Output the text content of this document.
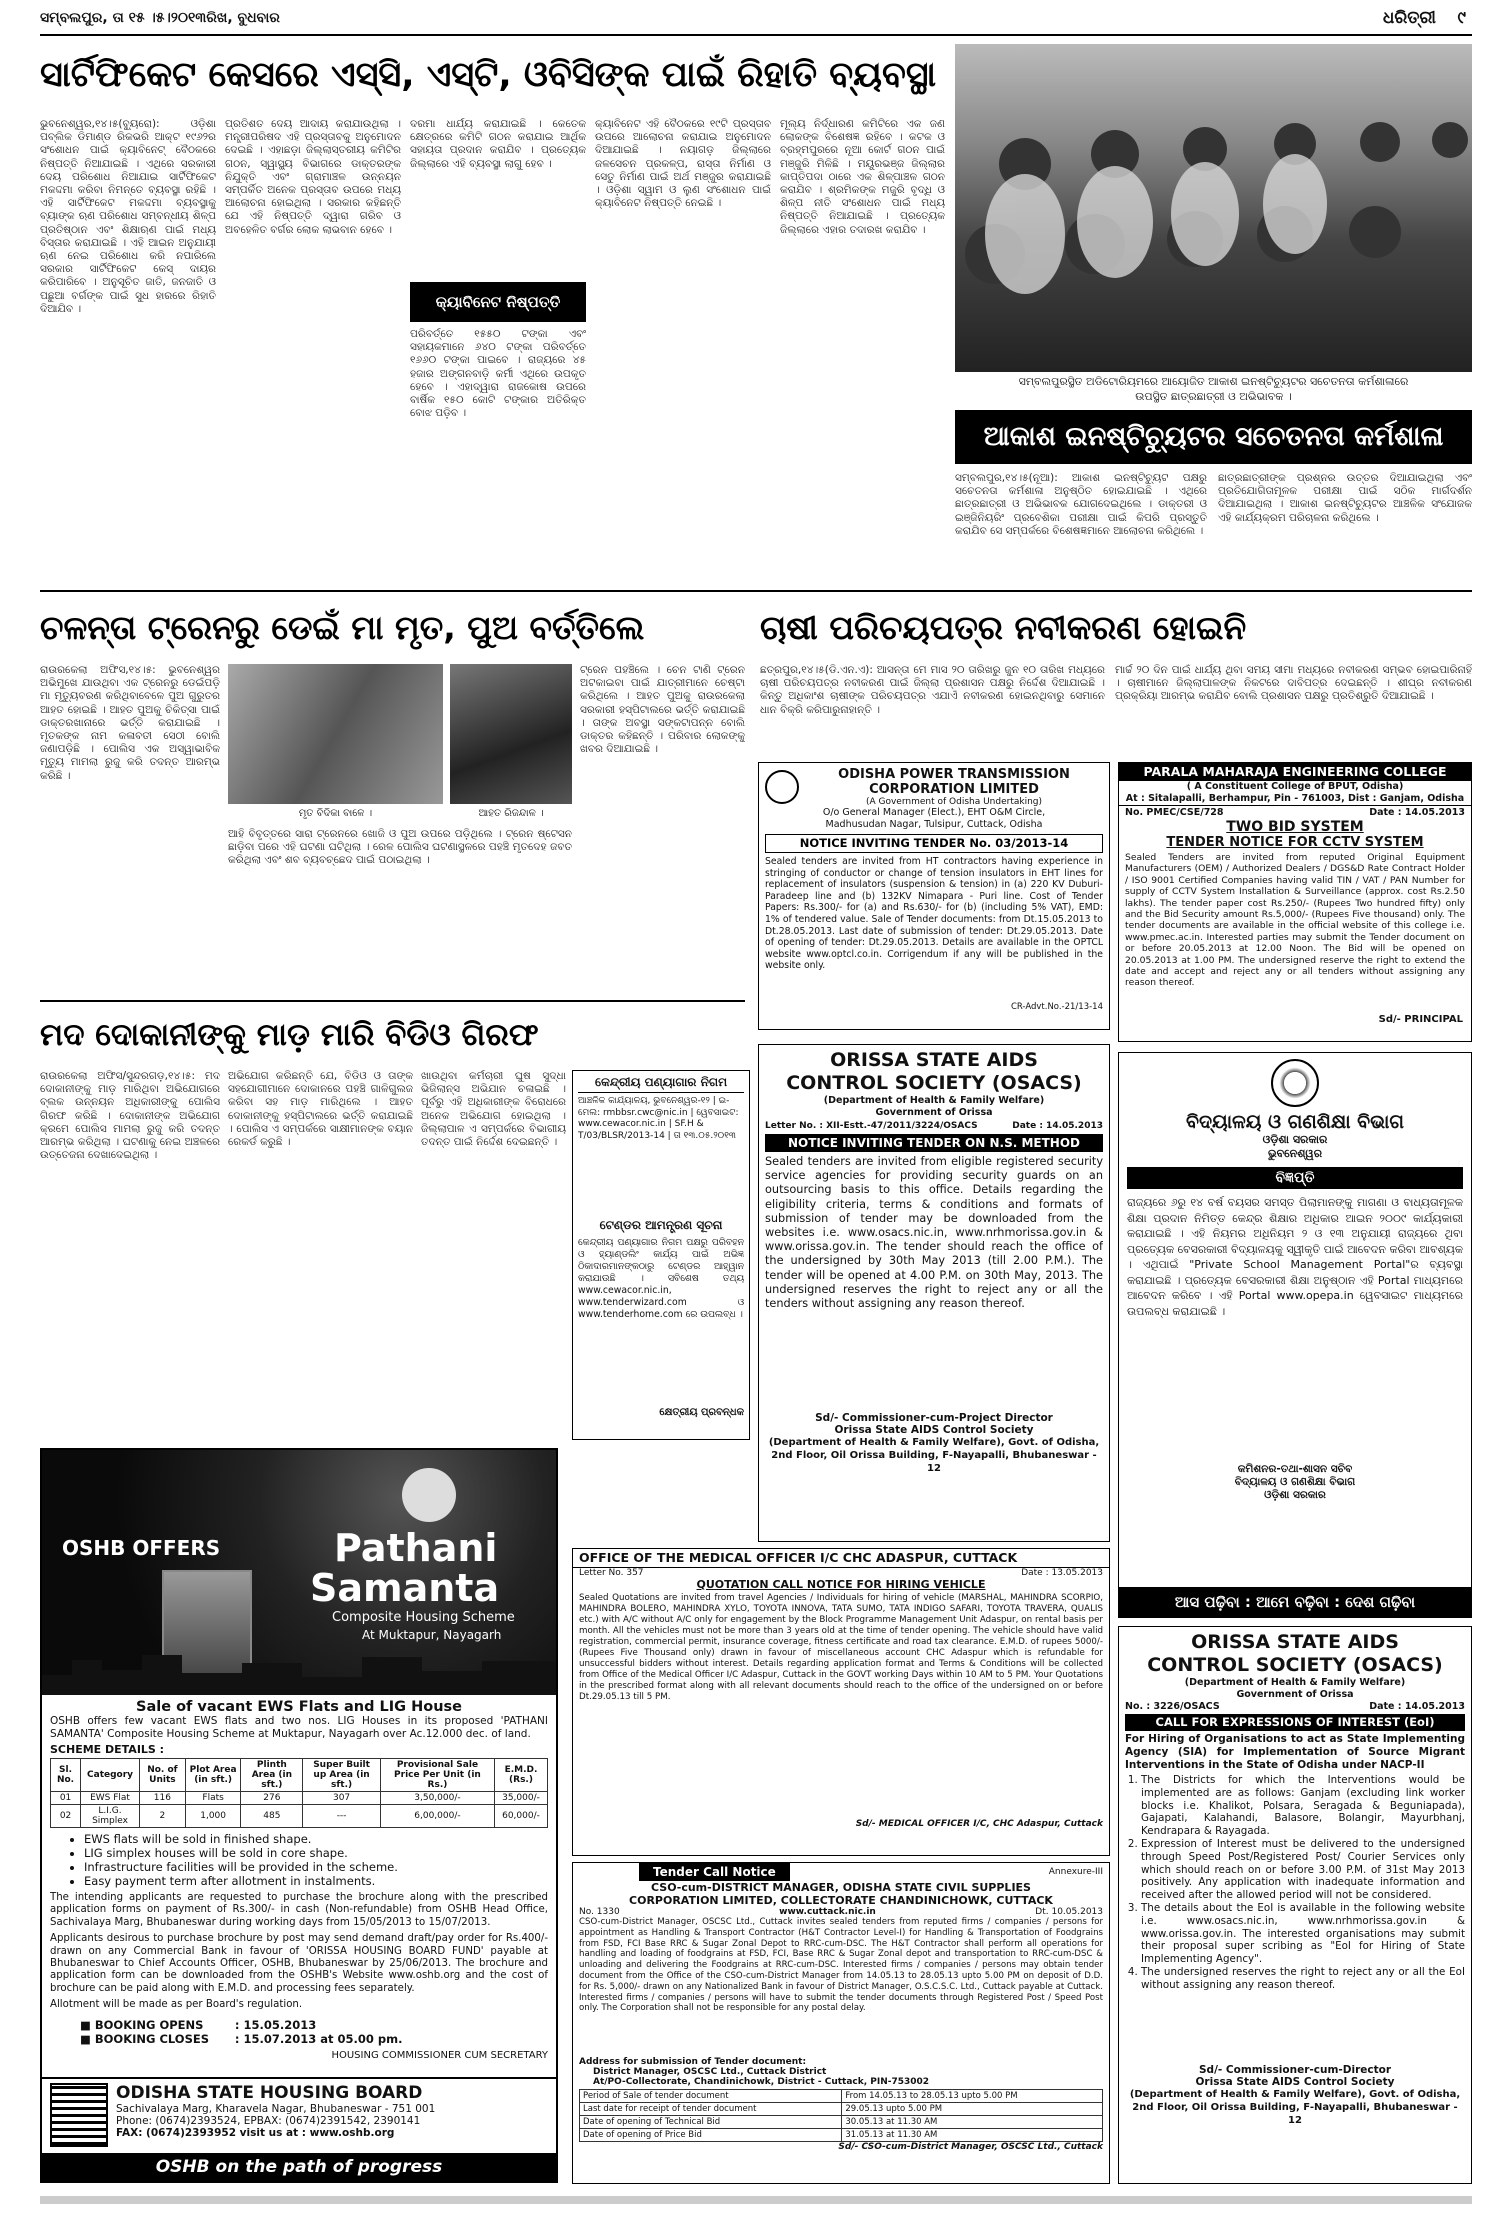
ସମ୍ବଲପୁର, ତା ୧୫ ।୫।୨୦୧୩ରିଖ, ବୁଧବାର	ଧରିତ୍ରୀ ୯
ସାର୍ଟିଫିକେଟ କେସରେ ଏସ୍‌ସି, ଏସ୍‌ଟି, ଓବିସିଙ୍କ ପାଇଁ ରିହାତି ବ୍ୟବସ୍ଥା
ଭୁବନେଶ୍ୱର,୧୪।୫(ବ୍ୟୁରୋ): ଓଡ଼ିଶା ପବ୍ଲିକ ଡିମାଣ୍ଡ ରିକଭରି ଆକ୍ଟ ୧୯୬୨ର ସଂଶୋଧନ ପାଇଁ କ୍ୟାବିନେଟ୍ ବୈଠକରେ ନିଷ୍ପତ୍ତି ନିଆଯାଇଛି । ଏଥିରେ ସରକାରୀ ଦେୟ ପରିଶୋଧ ନିଆଯାଇ ସାର୍ଟିଫିକେଟ ମକଦ୍ଦମା କରିବା ନିମନ୍ତେ ବ୍ୟବସ୍ଥା ରହିଛି । ଏହି ସାର୍ଟିଫିକେଟ ମକଦ୍ଦମା ବ୍ୟବସ୍ଥାକୁ ବ୍ୟାଙ୍କ ଋଣ ପରିଶୋଧ ସମ୍ବନ୍ଧୀୟ ଶିଳ୍ପ ପ୍ରତିଷ୍ଠାନ ଏବଂ ଶିକ୍ଷାଋଣ ପାଇଁ ମଧ୍ୟ ବିସ୍ତାର କରାଯାଇଛି । ଏହି ଆଇନ ଅନୁଯାୟୀ ଋଣ ନେଇ ପରିଶୋଧ କରି ନପାରିଲେ ସରକାର ସାର୍ଟିଫିକେଟ କେସ୍ ଦାୟର କରିପାରିବେ । ଅନୁସୂଚିତ ଜାତି, ଜନଜାତି ଓ ପଛୁଆ ବର୍ଗଙ୍କ ପାଇଁ ସୁଧ ହାରରେ ରିହାତି ଦିଆଯିବ ।
ପ୍ରତିଶତ ଦେୟ ଆଦାୟ କରାଯାଉଥିଲା । ମନ୍ତ୍ରୀପରିଷଦ ଏହି ପ୍ରସ୍ତାବକୁ ଅନୁମୋଦନ ଦେଇଛି । ଏହାଛଡ଼ା ଜିଲ୍ଲାସ୍ତରୀୟ କମିଟିର ଗଠନ, ସ୍ୱାସ୍ଥ୍ୟ ବିଭାଗରେ ଡାକ୍ତରଙ୍କ ନିଯୁକ୍ତି ଏବଂ ଗ୍ରାମାଞ୍ଚଳ ଉନ୍ନୟନ ସମ୍ପର୍କିତ ଅନେକ ପ୍ରସ୍ତାବ ଉପରେ ମଧ୍ୟ ଆଲୋଚନା ହୋଇଥିଲା । ସରକାର କହିଛନ୍ତି ଯେ ଏହି ନିଷ୍ପତ୍ତି ଦ୍ୱାରା ଗରିବ ଓ ଅବହେଳିତ ବର୍ଗର ଲୋକ ଲାଭବାନ ହେବେ ।
ଦରମା ଧାର୍ଯ୍ୟ କରାଯାଇଛି । କେତେକ କ୍ଷେତ୍ରରେ କମିଟି ଗଠନ କରାଯାଇ ଆର୍ଥିକ ସହାୟତା ପ୍ରଦାନ କରାଯିବ । ପ୍ରତ୍ୟେକ ଜିଲ୍ଲାରେ ଏହି ବ୍ୟବସ୍ଥା ଲାଗୁ ହେବ ।
କ୍ୟାବିନେଟ ନିଷ୍ପତ୍ତି
ପରିବର୍ତ୍ତେ ୧୫୫୦ ଟଙ୍କା ଏବଂ ସହାୟକମାନେ ୬୪୦ ଟଙ୍କା ପରିବର୍ତ୍ତେ ୧୬୬୦ ଟଙ୍କା ପାଇବେ । ରାଜ୍ୟରେ ୪୫ ହଜାର ଅଙ୍ଗନବାଡ଼ି କର୍ମୀ ଏଥିରେ ଉପକୃତ ହେବେ । ଏହାଦ୍ୱାରା ରାଜକୋଷ ଉପରେ ବାର୍ଷିକ ୧୫୦ କୋଟି ଟଙ୍କାର ଅତିରିକ୍ତ ବୋଝ ପଡ଼ିବ ।
କ୍ୟାବିନେଟ ଏହି ବୈଠକରେ ୧୯ଟି ପ୍ରସ୍ତାବ ଉପରେ ଆଲୋଚନା କରାଯାଇ ଅନୁମୋଦନ ଦିଆଯାଇଛି । ନୟାଗଡ଼ ଜିଲ୍ଲାରେ ଜଳସେଚନ ପ୍ରକଳ୍ପ, ରାସ୍ତା ନିର୍ମାଣ ଓ ସେତୁ ନିର୍ମାଣ ପାଇଁ ଅର୍ଥ ମଞ୍ଜୁର କରାଯାଇଛି । ଓଡ଼ିଶା ସ୍ୱାମ ଓ ଲୁଣ ସଂଶୋଧନ ପାଇଁ କ୍ୟାବିନେଟ ନିଷ୍ପତ୍ତି ନେଇଛି ।
ମୂଲ୍ୟ ନିର୍ଦ୍ଧାରଣ କମିଟିରେ ଏକ ଜଣ ଲୋକଙ୍କ ବିଶେଷଜ୍ଞ ରହିବେ । କଟକ ଓ ବ୍ରହ୍ମପୁରରେ ନୂଆ କୋର୍ଟ ଗଠନ ପାଇଁ ମଞ୍ଜୁରି ମିଳିଛି । ମୟୂରଭଞ୍ଜ ଜିଲ୍ଲାର କାପ୍ତିପଦା ଠାରେ ଏକ ଶିଳ୍ପାଞ୍ଚଳ ଗଠନ କରାଯିବ । ଶ୍ରମିକଙ୍କ ମଜୁରି ବୃଦ୍ଧି ଓ ଶିଳ୍ପ ନୀତି ସଂଶୋଧନ ପାଇଁ ମଧ୍ୟ ନିଷ୍ପତ୍ତି ନିଆଯାଇଛି । ପ୍ରତ୍ୟେକ ଜିଲ୍ଲାରେ ଏହାର ତଦାରଖ କରାଯିବ ।
ସମ୍ବଲପୁରସ୍ଥିତ ଅଡିଟୋରିୟମରେ ଆୟୋଜିତ ଆକାଶ ଇନଷ୍ଟିଚ୍ୟୁଟର ସଚେତନତା କର୍ମଶାଳାରେ
ଉପସ୍ଥିତ ଛାତ୍ରଛାତ୍ରୀ ଓ ଅଭିଭାବକ ।
ଆକାଶ ଇନଷ୍ଟିଚ୍ୟୁଟର ସଚେତନତା କର୍ମଶାଳା
ସମ୍ବଲପୁର,୧୪।୫(ନୂଆ): ଆକାଶ ଇନଷ୍ଟିଚ୍ୟୁଟ ପକ୍ଷରୁ ସଚେତନତା କର୍ମଶାଳା ଅନୁଷ୍ଠିତ ହୋଇଯାଇଛି । ଏଥିରେ ଛାତ୍ରଛାତ୍ରୀ ଓ ଅଭିଭାବକ ଯୋଗଦେଇଥିଲେ । ଡାକ୍ତରୀ ଓ ଇଞ୍ଜିନିୟରିଂ ପ୍ରବେଶିକା ପରୀକ୍ଷା ପାଇଁ କିପରି ପ୍ରସ୍ତୁତି କରାଯିବ ସେ ସମ୍ପର୍କରେ ବିଶେଷଜ୍ଞମାନେ ଆଲୋଚନା କରିଥିଲେ ।
ଛାତ୍ରଛାତ୍ରୀଙ୍କ ପ୍ରଶ୍ନର ଉତ୍ତର ଦିଆଯାଇଥିଲା ଏବଂ ପ୍ରତିଯୋଗିତାମୂଳକ ପରୀକ୍ଷା ପାଇଁ ସଠିକ ମାର୍ଗଦର୍ଶନ ଦିଆଯାଇଥିଲା । ଆକାଶ ଇନଷ୍ଟିଚ୍ୟୁଟର ଆଞ୍ଚଳିକ ସଂଯୋଜକ ଏହି କାର୍ଯ୍ୟକ୍ରମ ପରିଚାଳନା କରିଥିଲେ ।
ଚଳନ୍ତା ଟ୍ରେନରୁ ଡେଇଁ ମା ମୃତ, ପୁଅ ବର୍ତ୍ତିଲେ
ରାଉରକେଲା ଅଫିସ,୧୪।୫: ଭୁବନେଶ୍ୱର ଅଭିମୁଖେ ଯାଉଥିବା ଏକ ଟ୍ରେନରୁ ଡେଇଁପଡ଼ି ମା ମୃତ୍ୟୁବରଣ କରିଥିବାବେଳେ ପୁଅ ଗୁରୁତର ଆହତ ହୋଇଛି । ଆହତ ପୁଅକୁ ଚିକିତ୍ସା ପାଇଁ ଡାକ୍ତରଖାନାରେ ଭର୍ତ୍ତି କରାଯାଇଛି । ମୃତକଙ୍କ ନାମ କଳାବତୀ ସେଠୀ ବୋଲି ଜଣାପଡ଼ିଛି । ପୋଲିସ ଏକ ଅସ୍ୱାଭାବିକ ମୃତ୍ୟୁ ମାମଲା ରୁଜୁ କରି ତଦନ୍ତ ଆରମ୍ଭ କରିଛି ।
ମୃତ ବିଦିକା ବାଳେ ।	ଆହତ ରିଜନ୍ଦାଳ ।
ଆହି ବିବୃତ୍ତରେ ସାରା ଟ୍ରେନରେ ଖୋଜି ଓ ପୁଅ ଉପରେ ପଡ଼ିଥିଲେ । ଟ୍ରେନ ଷ୍ଟେସନ ଛାଡ଼ିବା ପରେ ଏହି ଘଟଣା ଘଟିଥିଲା । ରେଳ ପୋଲିସ ଘଟଣାସ୍ଥଳରେ ପହଞ୍ଚି ମୃତଦେହ ଜବତ କରିଥିଲା ଏବଂ ଶବ ବ୍ୟବଚ୍ଛେଦ ପାଇଁ ପଠାଇଥିଲା ।
ଟ୍ରେନ ପହଞ୍ଚିଲେ । ଚେନ ଟାଣି ଟ୍ରେନ ଅଟକାଇବା ପାଇଁ ଯାତ୍ରୀମାନେ ଚେଷ୍ଟା କରିଥିଲେ । ଆହତ ପୁଅକୁ ରାଉରକେଲା ସରକାରୀ ହସ୍ପିଟାଲରେ ଭର୍ତ୍ତି କରାଯାଇଛି । ତାଙ୍କ ଅବସ୍ଥା ସଙ୍କଟାପନ୍ନ ବୋଲି ଡାକ୍ତର କହିଛନ୍ତି । ପରିବାର ଲୋକଙ୍କୁ ଖବର ଦିଆଯାଇଛି ।
ଚାଷୀ ପରିଚୟପତ୍ର ନବୀକରଣ ହୋଇନି
ଛତ୍ରପୁର,୧୪।୫(ଡି.ଏନ.ଏ): ଆସନ୍ତା ମେ ମାସ ୨୦ ତାରିଖରୁ ଜୁନ ୧୦ ତାରିଖ ମଧ୍ୟରେ ଚାଷୀ ପରିଚୟପତ୍ର ନବୀକରଣ ପାଇଁ ଜିଲ୍ଲା ପ୍ରଶାସନ ପକ୍ଷରୁ ନିର୍ଦ୍ଦେଶ ଦିଆଯାଇଛି । କିନ୍ତୁ ଅଧିକାଂଶ ଚାଷୀଙ୍କ ପରିଚୟପତ୍ର ଏଯାଏଁ ନବୀକରଣ ହୋଇନଥିବାରୁ ସେମାନେ ଧାନ ବିକ୍ରି କରିପାରୁନାହାନ୍ତି ।
ମାର୍ଚ୍ଚ ୨୦ ଦିନ ପାଇଁ ଧାର୍ଯ୍ୟ ଥିବା ସମୟ ସୀମା ମଧ୍ୟରେ ନବୀକରଣ ସମ୍ଭବ ହୋଇପାରିନାହିଁ । ଚାଷୀମାନେ ଜିଲ୍ଲାପାଳଙ୍କ ନିକଟରେ ଦାବିପତ୍ର ଦେଇଛନ୍ତି । ଶୀଘ୍ର ନବୀକରଣ ପ୍ରକ୍ରିୟା ଆରମ୍ଭ କରାଯିବ ବୋଲି ପ୍ରଶାସନ ପକ୍ଷରୁ ପ୍ରତିଶ୍ରୁତି ଦିଆଯାଇଛି ।
ODISHA POWER TRANSMISSION
CORPORATION LIMITED
(A Government of Odisha Undertaking)
O/o General Manager (Elect.), EHT O&M Circle,
Madhusudan Nagar, Tulsipur, Cuttack, Odisha
NOTICE INVITING TENDER No. 03/2013-14
Sealed tenders are invited from HT contractors having experience in stringing of conductor or change of tension insulators in EHT lines for replacement of insulators (suspension & tension) in (a) 220 KV Duburi-Paradeep line and (b) 132KV Nimapara - Puri line. Cost of Tender Papers: Rs.300/- for (a) and Rs.630/- for (b) (including 5% VAT), EMD: 1% of tendered value. Sale of Tender documents: from Dt.15.05.2013 to Dt.28.05.2013. Last date of submission of tender: Dt.29.05.2013. Date of opening of tender: Dt.29.05.2013. Details are available in the OPTCL website www.optcl.co.in. Corrigendum if any will be published in the website only.
CR-Advt.No.-21/13-14
PARALA MAHARAJA ENGINEERING COLLEGE
( A Constituent College of BPUT, Odisha)
At : Sitalapalli, Berhampur, Pin - 761003, Dist : Ganjam, Odisha
No. PMEC/CSE/728	Date : 14.05.2013
TWO BID SYSTEM
TENDER NOTICE FOR CCTV SYSTEM
Sealed Tenders are invited from reputed Original Equipment Manufacturers (OEM) / Authorized Dealers / DGS&D Rate Contract Holder / ISO 9001 Certified Companies having valid TIN / VAT / PAN Number for supply of CCTV System Installation & Surveillance (approx. cost Rs.2.50 lakhs). The tender paper cost Rs.250/- (Rupees Two hundred fifty) only and the Bid Security amount Rs.5,000/- (Rupees Five thousand) only. The tender documents are available in the official website of this college i.e. www.pmec.ac.in. Interested parties may submit the Tender document on or before 20.05.2013 at 12.00 Noon. The Bid will be opened on 20.05.2013 at 1.00 PM. The undersigned reserve the right to extend the date and accept and reject any or all tenders without assigning any reason thereof.
Sd/- PRINCIPAL
ମଦ ଦୋକାନୀଙ୍କୁ ମାଡ଼ ମାରି ବିଡିଓ ଗିରଫ
ରାଉରକେଲା ଅଫିସ/ସୁନ୍ଦରଗଡ଼,୧୪।୫: ମଦ ଦୋକାନୀଙ୍କୁ ମାଡ଼ ମାରିଥିବା ଅଭିଯୋଗରେ ବ୍ଲକ ଉନ୍ନୟନ ଅଧିକାରୀଙ୍କୁ ପୋଲିସ ଗିରଫ କରିଛି । ଦୋକାନୀଙ୍କ ଅଭିଯୋଗ କ୍ରମେ ପୋଲିସ ମାମଲା ରୁଜୁ କରି ତଦନ୍ତ ଆରମ୍ଭ କରିଥିଲା । ଘଟଣାକୁ ନେଇ ଅଞ୍ଚଳରେ ଉତ୍ତେଜନା ଦେଖାଦେଇଥିଲା ।
ଅଭିଯୋଗ କରିଛନ୍ତି ଯେ, ବିଡିଓ ଓ ତାଙ୍କ ସହଯୋଗୀମାନେ ଦୋକାନରେ ପହଞ୍ଚି ଗାଳିଗୁଲଜ କରିବା ସହ ମାଡ଼ ମାରିଥିଲେ । ଆହତ ଦୋକାନୀଙ୍କୁ ହସ୍ପିଟାଲରେ ଭର୍ତ୍ତି କରାଯାଇଛି । ପୋଲିସ ଏ ସମ୍ପର୍କରେ ସାକ୍ଷୀମାନଙ୍କ ବୟାନ ରେକର୍ଡ କରୁଛି ।
ଖାଉଥିବା କର୍ମଚାରୀ ଘୁଷ ସୁଦ୍ଧା ଭିଜିଲାନ୍ସ ଅଭିଯାନ ଚଳାଇଛି । ପୂର୍ବରୁ ଏହି ଅଧିକାରୀଙ୍କ ବିରୋଧରେ ଅନେକ ଅଭିଯୋଗ ହୋଇଥିଲା । ଜିଲ୍ଲାପାଳ ଏ ସମ୍ପର୍କରେ ବିଭାଗୀୟ ତଦନ୍ତ ପାଇଁ ନିର୍ଦ୍ଦେଶ ଦେଇଛନ୍ତି ।
କେନ୍ଦ୍ରୀୟ ପଣ୍ୟାଗାର ନିଗମ
ଆଞ୍ଚଳିକ କାର୍ଯ୍ୟାଳୟ, ଭୁବନେଶ୍ୱର-୧୨ | ଇ-ମେଲ: rmbbsr.cwc@nic.in | ୱେବସାଇଟ: www.cewacor.nic.in | SF.H & T/03/BLSR/2013-14 | ତା ୧୩.୦୫.୨୦୧୩
ଟେଣ୍ଡର ଆମନ୍ତ୍ରଣ ସୂଚନା
କେନ୍ଦ୍ରୀୟ ପଣ୍ୟାଗାର ନିଗମ ପକ୍ଷରୁ ପରିବହନ ଓ ହ୍ୟାଣ୍ଡଲିଂ କାର୍ଯ୍ୟ ପାଇଁ ଅଭିଜ୍ଞ ଠିକାଦାରମାନଙ୍କଠାରୁ ଟେଣ୍ଡର ଆହ୍ୱାନ କରାଯାଉଛି । ସବିଶେଷ ତଥ୍ୟ www.cewacor.nic.in, www.tenderwizard.com ଓ www.tenderhome.com ରେ ଉପଲବ୍ଧ ।
କ୍ଷେତ୍ରୀୟ ପ୍ରବନ୍ଧକ
ORISSA STATE AIDS
CONTROL SOCIETY (OSACS)
(Department of Health & Family Welfare)
Government of Orissa
Letter No. : XII-Estt.-47/2011/3224/OSACS	Date : 14.05.2013
NOTICE INVITING TENDER ON N.S. METHOD
Sealed tenders are invited from eligible registered security service agencies for providing security guards on an outsourcing basis to this office. Details regarding the eligibility criteria, terms & conditions and formats of submission of tender may be downloaded from the websites i.e. www.osacs.nic.in, www.nrhmorissa.gov.in & www.orissa.gov.in. The tender should reach the office of the undersigned by 30th May 2013 (till 2.00 P.M.). The tender will be opened at 4.00 P.M. on 30th May, 2013. The undersigned reserves the right to reject any or all the tenders without assigning any reason thereof.
Sd/- Commissioner-cum-Project Director
Orissa State AIDS Control Society
(Department of Health & Family Welfare), Govt. of Odisha, 2nd Floor, Oil Orissa Building, F-Nayapalli, Bhubaneswar - 12
ବିଦ୍ୟାଳୟ ଓ ଗଣଶିକ୍ଷା ବିଭାଗ
ଓଡ଼ିଶା ସରକାର
ଭୁବନେଶ୍ୱର
ବିଜ୍ଞପ୍ତି
ରାଜ୍ୟରେ ୬ରୁ ୧୪ ବର୍ଷ ବୟସର ସମସ୍ତ ପିଲାମାନଙ୍କୁ ମାଗଣା ଓ ବାଧ୍ୟତାମୂଳକ ଶିକ୍ଷା ପ୍ରଦାନ ନିମିତ୍ତ କେନ୍ଦ୍ର ଶିକ୍ଷାର ଅଧିକାର ଆଇନ ୨୦୦୯ କାର୍ଯ୍ୟକାରୀ କରାଯାଇଛି । ଏହି ନିୟମର ଅଧିନିୟମ ୨ ଓ ୧୩ ଅନୁଯାୟୀ ରାଜ୍ୟରେ ଥିବା ପ୍ରତ୍ୟେକ ବେସରକାରୀ ବିଦ୍ୟାଳୟକୁ ସ୍ୱୀକୃତି ପାଇଁ ଆବେଦନ କରିବା ଆବଶ୍ୟକ । ଏଥିପାଇଁ "Private School Management Portal"ର ବ୍ୟବସ୍ଥା କରାଯାଇଛି । ପ୍ରତ୍ୟେକ ବେସରକାରୀ ଶିକ୍ଷା ଅନୁଷ୍ଠାନ ଏହି Portal ମାଧ୍ୟମରେ ଆବେଦନ କରିବେ । ଏହି Portal www.opepa.in ୱେବସାଇଟ ମାଧ୍ୟମରେ ଉପଲବ୍ଧ କରାଯାଇଛି ।
କମିଶନର-ତଥା-ଶାସନ ସଚିବ
ବିଦ୍ୟାଳୟ ଓ ଗଣଶିକ୍ଷା ବିଭାଗ
ଓଡ଼ିଶା ସରକାର
ଆସ ପଢ଼ିବା : ଆମେ ବଢ଼ିବା : ଦେଶ ଗଢ଼ିବା
OSHB OFFERS	Pathani
Samanta
Composite Housing Scheme
At Muktapur, Nayagarh
Sale of vacant EWS Flats and LIG House
OSHB offers few vacant EWS flats and two nos. LIG Houses in its proposed 'PATHANI SAMANTA' Composite Housing Scheme at Muktapur, Nayagarh over Ac.12.000 dec. of land.
SCHEME DETAILS :
Sl. No.	Category	No. of Units	Plot Area (in sft.)	Plinth Area (in sft.)	Super Built up Area (in sft.)	Provisional Sale Price Per Unit (in Rs.)	E.M.D. (Rs.)
01	EWS Flat	116	Flats	276	307	3,50,000/-	35,000/-
02	L.I.G. Simplex	2	1,000	485	---	6,00,000/-	60,000/-
• EWS flats will be sold in finished shape.
• LIG simplex houses will be sold in core shape.
• Infrastructure facilities will be provided in the scheme.
• Easy payment term after allotment in instalments.
The intending applicants are requested to purchase the brochure along with the prescribed application forms on payment of Rs.300/- in cash (Non-refundable) from OSHB Head Office, Sachivalaya Marg, Bhubaneswar during working days from 15/05/2013 to 15/07/2013.
Applicants desirous to purchase brochure by post may send demand draft/pay order for Rs.400/- drawn on any Commercial Bank in favour of 'ORISSA HOUSING BOARD FUND' payable at Bhubaneswar to Chief Accounts Officer, OSHB, Bhubaneswar by 25/06/2013. The brochure and application form can be downloaded from the OSHB's Website www.oshb.org and the cost of brochure can be paid along with E.M.D. and processing fees separately.
Allotment will be made as per Board's regulation.
■ BOOKING OPENS	: 15.05.2013
■ BOOKING CLOSES : 15.07.2013 at 05.00 pm.
HOUSING COMMISSIONER CUM SECRETARY
ODISHA STATE HOUSING BOARD
Sachivalaya Marg, Kharavela Nagar, Bhubaneswar - 751 001
Phone: (0674)2393524, EPBAX: (0674)2391542, 2390141
FAX: (0674)2393952 visit us at : www.oshb.org
OSHB on the path of progress
OFFICE OF THE MEDICAL OFFICER I/C CHC ADASPUR, CUTTACK
Letter No. 357	Date : 13.05.2013
QUOTATION CALL NOTICE FOR HIRING VEHICLE
Sealed Quotations are invited from travel Agencies / Individuals for hiring of vehicle (MARSHAL, MAHINDRA SCORPIO, MAHINDRA BOLERO, MAHINDRA XYLO, TOYOTA INNOVA, TATA SUMO, TATA INDIGO SAFARI, TOYOTA TRAVERA, QUALIS etc.) with A/C without A/C only for engagement by the Block Programme Management Unit Adaspur, on rental basis per month. All the vehicles must not be more than 3 years old at the time of tender opening. The vehicle should have valid registration, commercial permit, insurance coverage, fitness certificate and road tax clearance. E.M.D. of rupees 5000/- (Rupees Five Thousand only) drawn in favour of miscellaneous account CHC Adaspur which is refundable for unsuccessful bidders without interest. Details regarding application format and Terms & Conditions will be collected from Office of the Medical Officer I/C Adaspur, Cuttack in the GOVT working Days within 10 AM to 5 PM. Your Quotations in the prescribed format along with all relevant documents should reach to the office of the undersigned on or before Dt.29.05.13 till 5 PM.
Sd/- MEDICAL OFFICER I/C, CHC Adaspur, Cuttack
Tender Call Notice	Annexure-III
CSO-cum-DISTRICT MANAGER, ODISHA STATE CIVIL SUPPLIES
CORPORATION LIMITED, COLLECTORATE CHANDINICHOWK, CUTTACK
No. 1330	www.cuttack.nic.in	Dt. 10.05.2013
CSO-cum-District Manager, OSCSC Ltd., Cuttack invites sealed tenders from reputed firms / companies / persons for appointment as Handling & Transport Contractor (H&T Contractor Level-I) for Handling & Transportation of Foodgrains from FSD, FCI Base RRC & Sugar Zonal Depot to RRC-cum-DSC. The H&T Contractor shall perform all operations for handling and loading of foodgrains at FSD, FCI, Base RRC & Sugar Zonal depot and transportation to RRC-cum-DSC & unloading and delivering the Foodgrains at RRC-cum-DSC. Interested firms / companies / persons may obtain tender document from the Office of the CSO-cum-District Manager from 14.05.13 to 28.05.13 upto 5.00 PM on deposit of D.D. for Rs. 5,000/- drawn on any Nationalized Bank in favour of District Manager, O.S.C.S.C. Ltd., Cuttack payable at Cuttack. Interested firms / companies / persons will have to submit the tender documents through Registered Post / Speed Post only. The Corporation shall not be responsible for any postal delay.
Address for submission of Tender document:
District Manager, OSCSC Ltd., Cuttack District
At/PO-Collectorate, Chandinichowk, District - Cuttack, PIN-753002
Period of Sale of tender document	From 14.05.13 to 28.05.13 upto 5.00 PM
Last date for receipt of tender document	29.05.13 upto 5.00 PM
Date of opening of Technical Bid	30.05.13 at 11.30 AM
Date of opening of Price Bid	31.05.13 at 11.30 AM
Sd/- CSO-cum-District Manager, OSCSC Ltd., Cuttack
ORISSA STATE AIDS
CONTROL SOCIETY (OSACS)
(Department of Health & Family Welfare)
Government of Orissa
No. : 3226/OSACS	Date : 14.05.2013
CALL FOR EXPRESSIONS OF INTEREST (EoI)
For Hiring of Organisations to act as State Implementing Agency (SIA) for Implementation of Source Migrant Interventions in the State of Odisha under NACP-II
1. The Districts for which the Interventions would be implemented are as follows: Ganjam (excluding link worker blocks i.e. Khalikot, Polsara, Seragada & Beguniapada), Gajapati, Kalahandi, Balasore, Bolangir, Mayurbhanj, Kendrapara & Rayagada.
2. Expression of Interest must be delivered to the undersigned through Speed Post/Registered Post/ Courier Services only which should reach on or before 3.00 P.M. of 31st May 2013 positively. Any application with inadequate information and received after the allowed period will not be considered.
3. The details about the EoI is available in the following website i.e. www.osacs.nic.in, www.nrhmorissa.gov.in & www.orissa.gov.in. The interested organisations may submit their proposal super scribing as "EoI for Hiring of State Implementing Agency".
4. The undersigned reserves the right to reject any or all the EoI without assigning any reason thereof.
Sd/- Commissioner-cum-Director
Orissa State AIDS Control Society
(Department of Health & Family Welfare), Govt. of Odisha, 2nd Floor, Oil Orissa Building, F-Nayapalli, Bhubaneswar - 12
